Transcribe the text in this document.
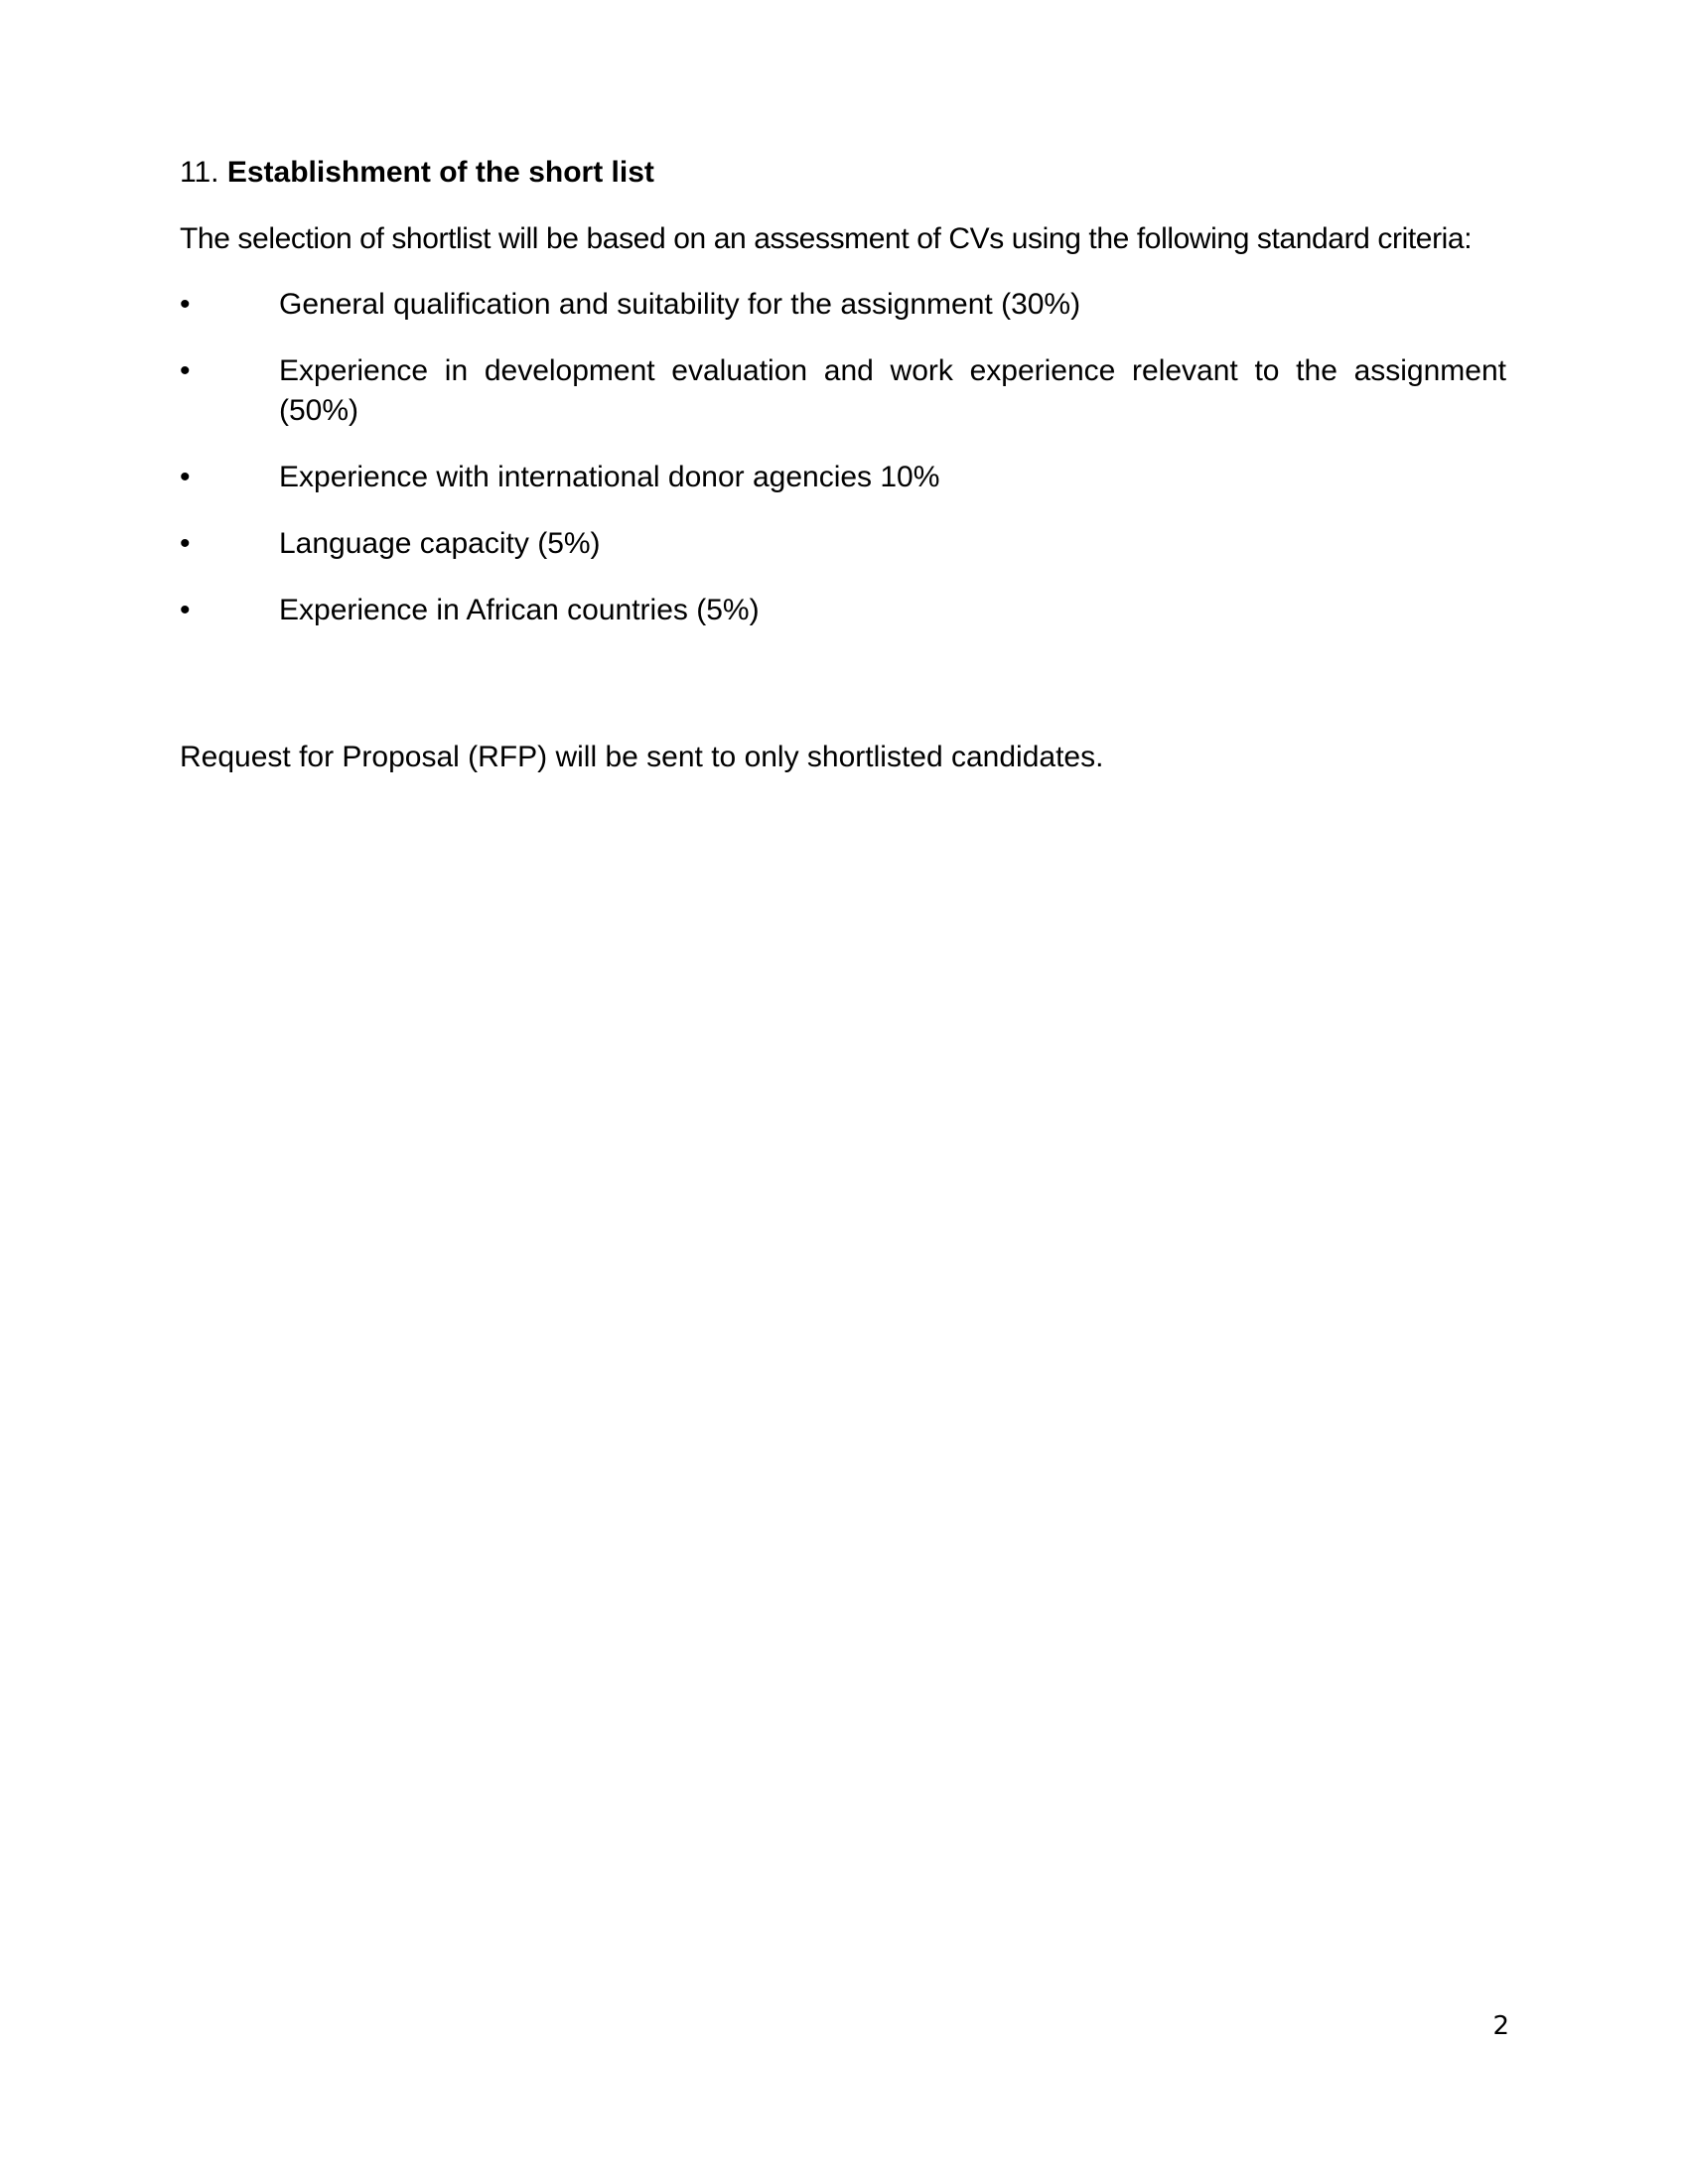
11. Establishment of the short list

The selection of shortlist will be based on an assessment of CVs using the following standard criteria:

•	General qualification and suitability for the assignment (30%)
•	Experience in development evaluation and work experience relevant to the assignment (50%)
•	Experience with international donor agencies 10%
•	Language capacity (5%)
•	Experience in African countries (5%)

Request for Proposal (RFP) will be sent to only shortlisted candidates.

2
